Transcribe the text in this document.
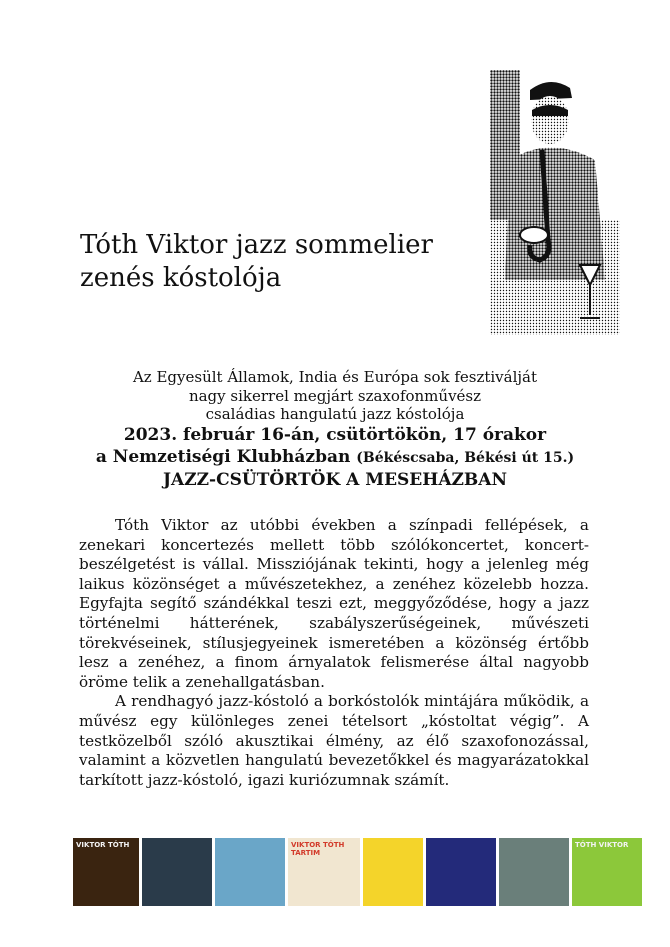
Tóth Viktor jazz sommelier
zenés kóstolója
Az Egyesült Államok, India és Európa sok fesztiválját
nagy sikerrel megjárt szaxofonművész
családias hangulatú jazz kóstolója
2023. február 16-án, csütörtökön, 17 órakor
a Nemzetiségi Klubházban (Békéscsaba, Békési út 15.)
JAZZ-CSÜTÖRTÖK A MESEHÁZBAN

Tóth Viktor az utóbbi években a színpadi fellépések, a zenekari koncertezés mellett több szólókoncertet, koncert-beszélgetést is vállal. Missziójának tekinti, hogy a jelenleg még laikus közönséget a művészetekhez, a zenéhez közelebb hozza. Egyfajta segítő szándékkal teszi ezt, meggyőződése, hogy a jazz történelmi hátterének, szabályszerűségeinek, művészeti törekvéseinek, stílusjegyeinek ismeretében a közönség értőbb lesz a zenéhez, a finom árnyalatok felismerése által nagyobb öröme telik a zenehallgatásban.

A rendhagyó jazz-kóstoló a borkóstolók mintájára működik, a művész egy különleges zenei tételsort „kóstoltat végig”. A testközelből szóló akusztikai élmény, az élő szaxofonozással, valamint a közvetlen hangulatú bevezetőkkel és magyarázatokkal tarkított jazz-kóstoló, igazi kuriózumnak számít.

VIKTOR TÓTH	VIKTOR TÓTH TARTIM
TÓTH VIKTOR
